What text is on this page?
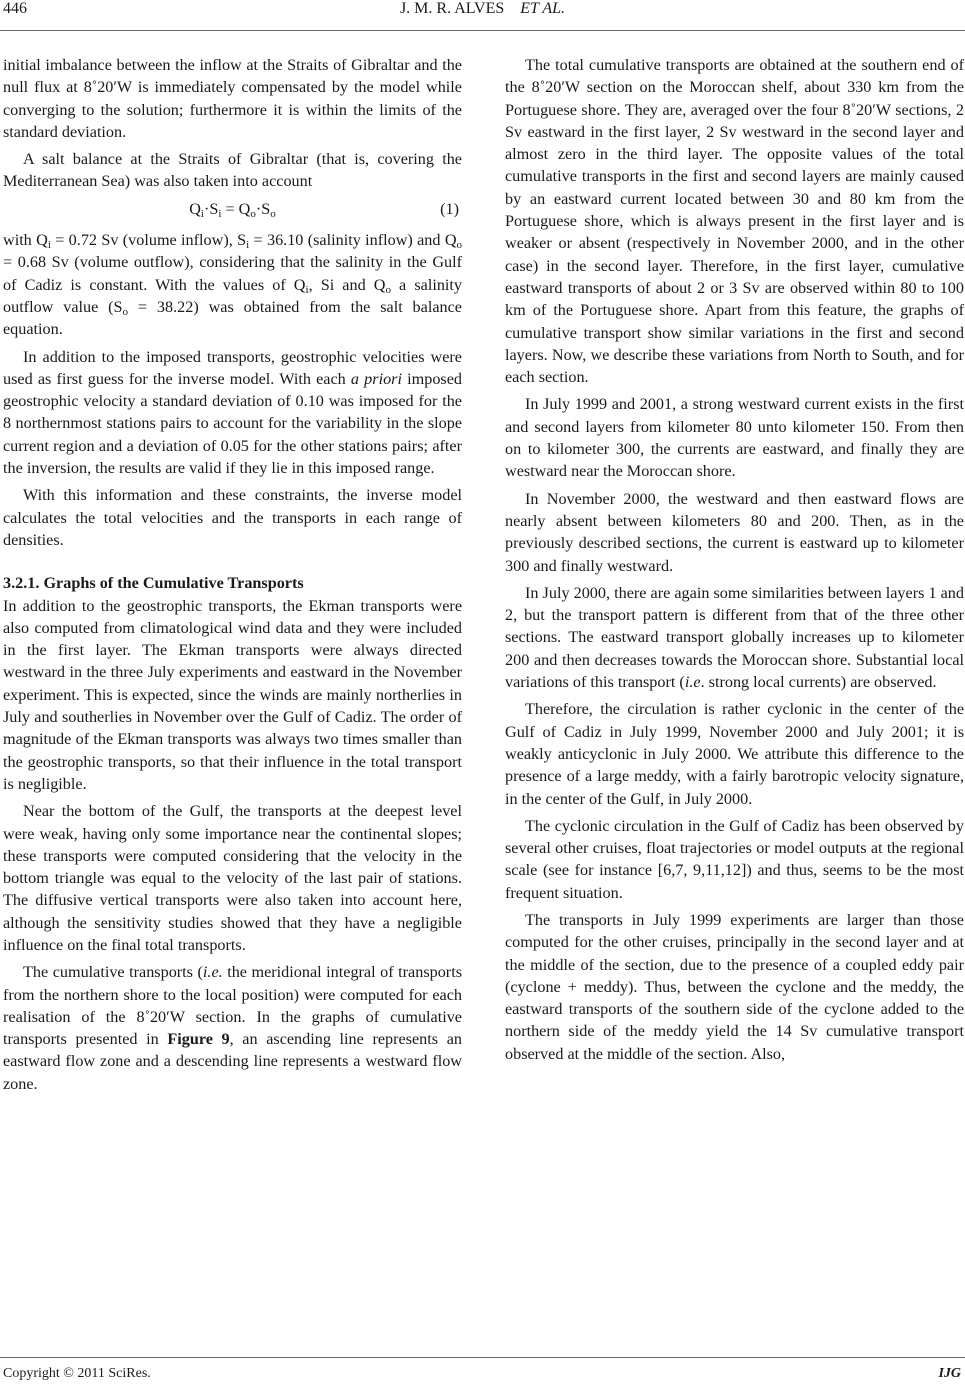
446	J. M. R. ALVES ET AL.

initial imbalance between the inflow at the Straits of Gibraltar and the null flux at 8˚20′W is immediately compensated by the model while converging to the solution; furthermore it is within the limits of the standard deviation.

A salt balance at the Straits of Gibraltar (that is, covering the Mediterranean Sea) was also taken into account

$Q_i\cdot S_i = Q_o\cdot S_o$	(1)

with $Q_i = 0.72$ Sv (volume inflow), $S_i = 36.10$ (salinity inflow) and $Q_o = 0.68$ Sv (volume outflow), considering that the salinity in the Gulf of Cadiz is constant. With the values of $Q_i$, Si and $Q_o$ a salinity outflow value $(S_o = 38.22)$ was obtained from the salt balance equation.

In addition to the imposed transports, geostrophic velocities were used as first guess for the inverse model. With each a priori imposed geostrophic velocity a standard deviation of 0.10 was imposed for the 8 northernmost stations pairs to account for the variability in the slope current region and a deviation of 0.05 for the other stations pairs; after the inversion, the results are valid if they lie in this imposed range.

With this information and these constraints, the inverse model calculates the total velocities and the transports in each range of densities.

3.2.1. Graphs of the Cumulative Transports

In addition to the geostrophic transports, the Ekman transports were also computed from climatological wind data and they were included in the first layer. The Ekman transports were always directed westward in the three July experiments and eastward in the November experiment. This is expected, since the winds are mainly northerlies in July and southerlies in November over the Gulf of Cadiz. The order of magnitude of the Ekman transports was always two times smaller than the geostrophic transports, so that their influence in the total transport is negligible.

Near the bottom of the Gulf, the transports at the deepest level were weak, having only some importance near the continental slopes; these transports were computed considering that the velocity in the bottom triangle was equal to the velocity of the last pair of stations. The diffusive vertical transports were also taken into account here, although the sensitivity studies showed that they have a negligible influence on the final total transports.

The cumulative transports (i.e. the meridional integral of transports from the northern shore to the local position) were computed for each realisation of the 8˚20′W section. In the graphs of cumulative transports presented in Figure 9, an ascending line represents an eastward flow zone and a descending line represents a westward flow zone.

The total cumulative transports are obtained at the southern end of the 8˚20′W section on the Moroccan shelf, about 330 km from the Portuguese shore. They are, averaged over the four 8˚20′W sections, 2 Sv eastward in the first layer, 2 Sv westward in the second layer and almost zero in the third layer. The opposite values of the total cumulative transports in the first and second layers are mainly caused by an eastward current located between 30 and 80 km from the Portuguese shore, which is always present in the first layer and is weaker or absent (respectively in November 2000, and in the other case) in the second layer. Therefore, in the first layer, cumulative eastward transports of about 2 or 3 Sv are observed within 80 to 100 km of the Portuguese shore. Apart from this feature, the graphs of cumulative transport show similar variations in the first and second layers. Now, we describe these variations from North to South, and for each section.

In July 1999 and 2001, a strong westward current exists in the first and second layers from kilometer 80 unto kilometer 150. From then on to kilometer 300, the currents are eastward, and finally they are westward near the Moroccan shore.

In November 2000, the westward and then eastward flows are nearly absent between kilometers 80 and 200. Then, as in the previously described sections, the current is eastward up to kilometer 300 and finally westward.

In July 2000, there are again some similarities between layers 1 and 2, but the transport pattern is different from that of the three other sections. The eastward transport globally increases up to kilometer 200 and then decreases towards the Moroccan shore. Substantial local variations of this transport (i.e. strong local currents) are observed.

Therefore, the circulation is rather cyclonic in the center of the Gulf of Cadiz in July 1999, November 2000 and July 2001; it is weakly anticyclonic in July 2000. We attribute this difference to the presence of a large meddy, with a fairly barotropic velocity signature, in the center of the Gulf, in July 2000.

The cyclonic circulation in the Gulf of Cadiz has been observed by several other cruises, float trajectories or model outputs at the regional scale (see for instance [6,7, 9,11,12]) and thus, seems to be the most frequent situation.

The transports in July 1999 experiments are larger than those computed for the other cruises, principally in the second layer and at the middle of the section, due to the presence of a coupled eddy pair (cyclone + meddy). Thus, between the cyclone and the meddy, the eastward transports of the southern side of the cyclone added to the northern side of the meddy yield the 14 Sv cumulative transport observed at the middle of the section. Also,

Copyright © 2011 SciRes.	IJG
